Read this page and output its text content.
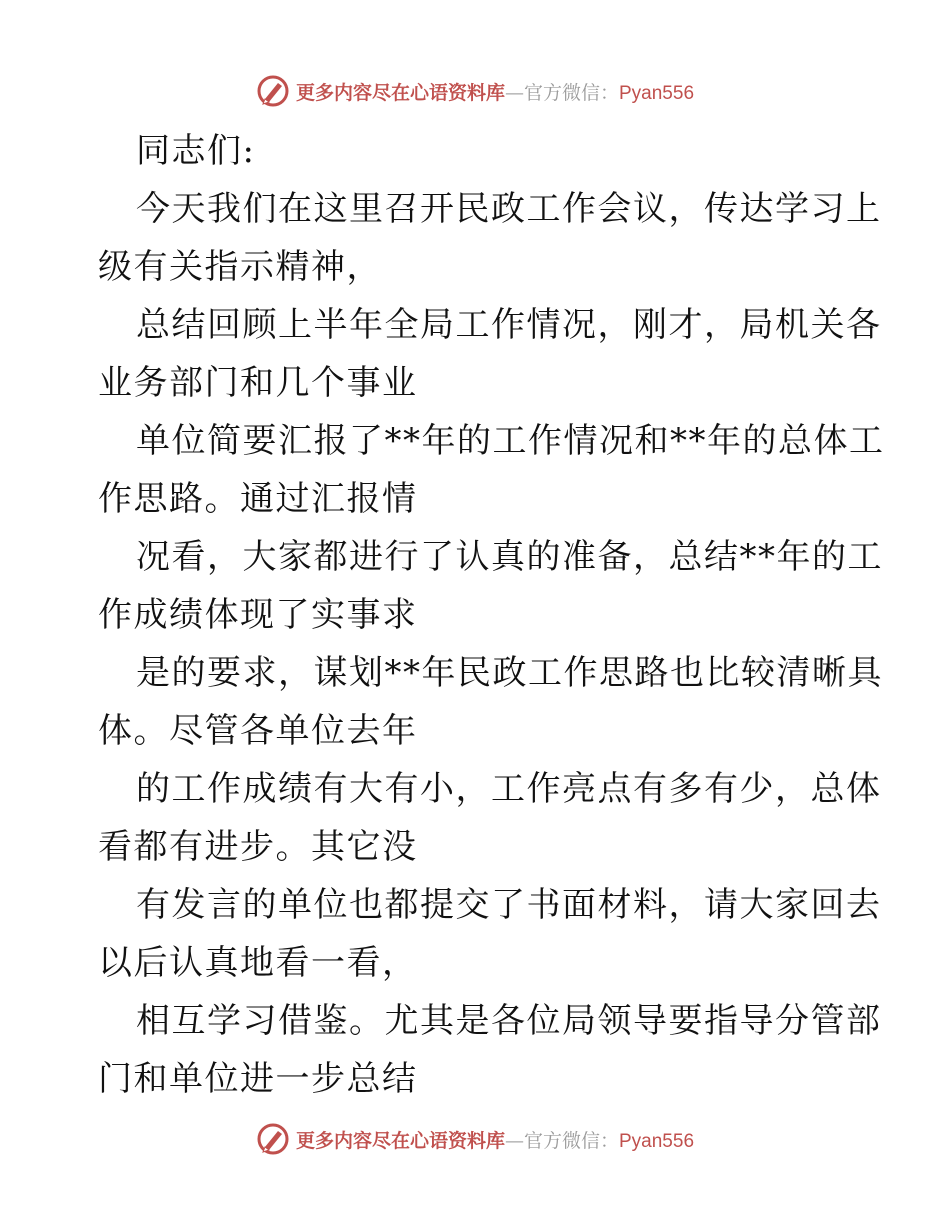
更多内容尽在心语资料库—官方微信：Pyan556
同志们:
今天我们在这里召开民政工作会议，传达学习上
级有关指示精神，
总结回顾上半年全局工作情况，刚才，局机关各
业务部门和几个事业
单位简要汇报了**年的工作情况和**年的总体工
作思路。通过汇报情
况看，大家都进行了认真的准备，总结**年的工
作成绩体现了实事求
是的要求，谋划**年民政工作思路也比较清晰具
体。尽管各单位去年
的工作成绩有大有小，工作亮点有多有少，总体
看都有进步。其它没
有发言的单位也都提交了书面材料，请大家回去
以后认真地看一看，
相互学习借鉴。尤其是各位局领导要指导分管部
门和单位进一步总结
更多内容尽在心语资料库—官方微信：Pyan556
